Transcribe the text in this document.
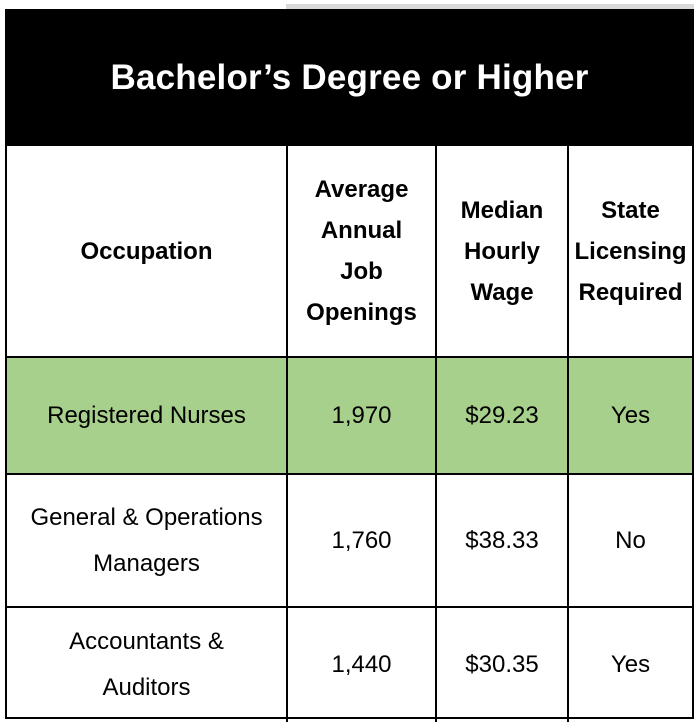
Bachelor’s Degree or Higher
Occupation	Average Annual Job Openings	Median Hourly Wage	State Licensing Required

Registered Nurses	1,970	$29.23	Yes

General & Operations Managers	1,760	$38.33	No

Accountants & Auditors	1,440	$30.35	Yes
